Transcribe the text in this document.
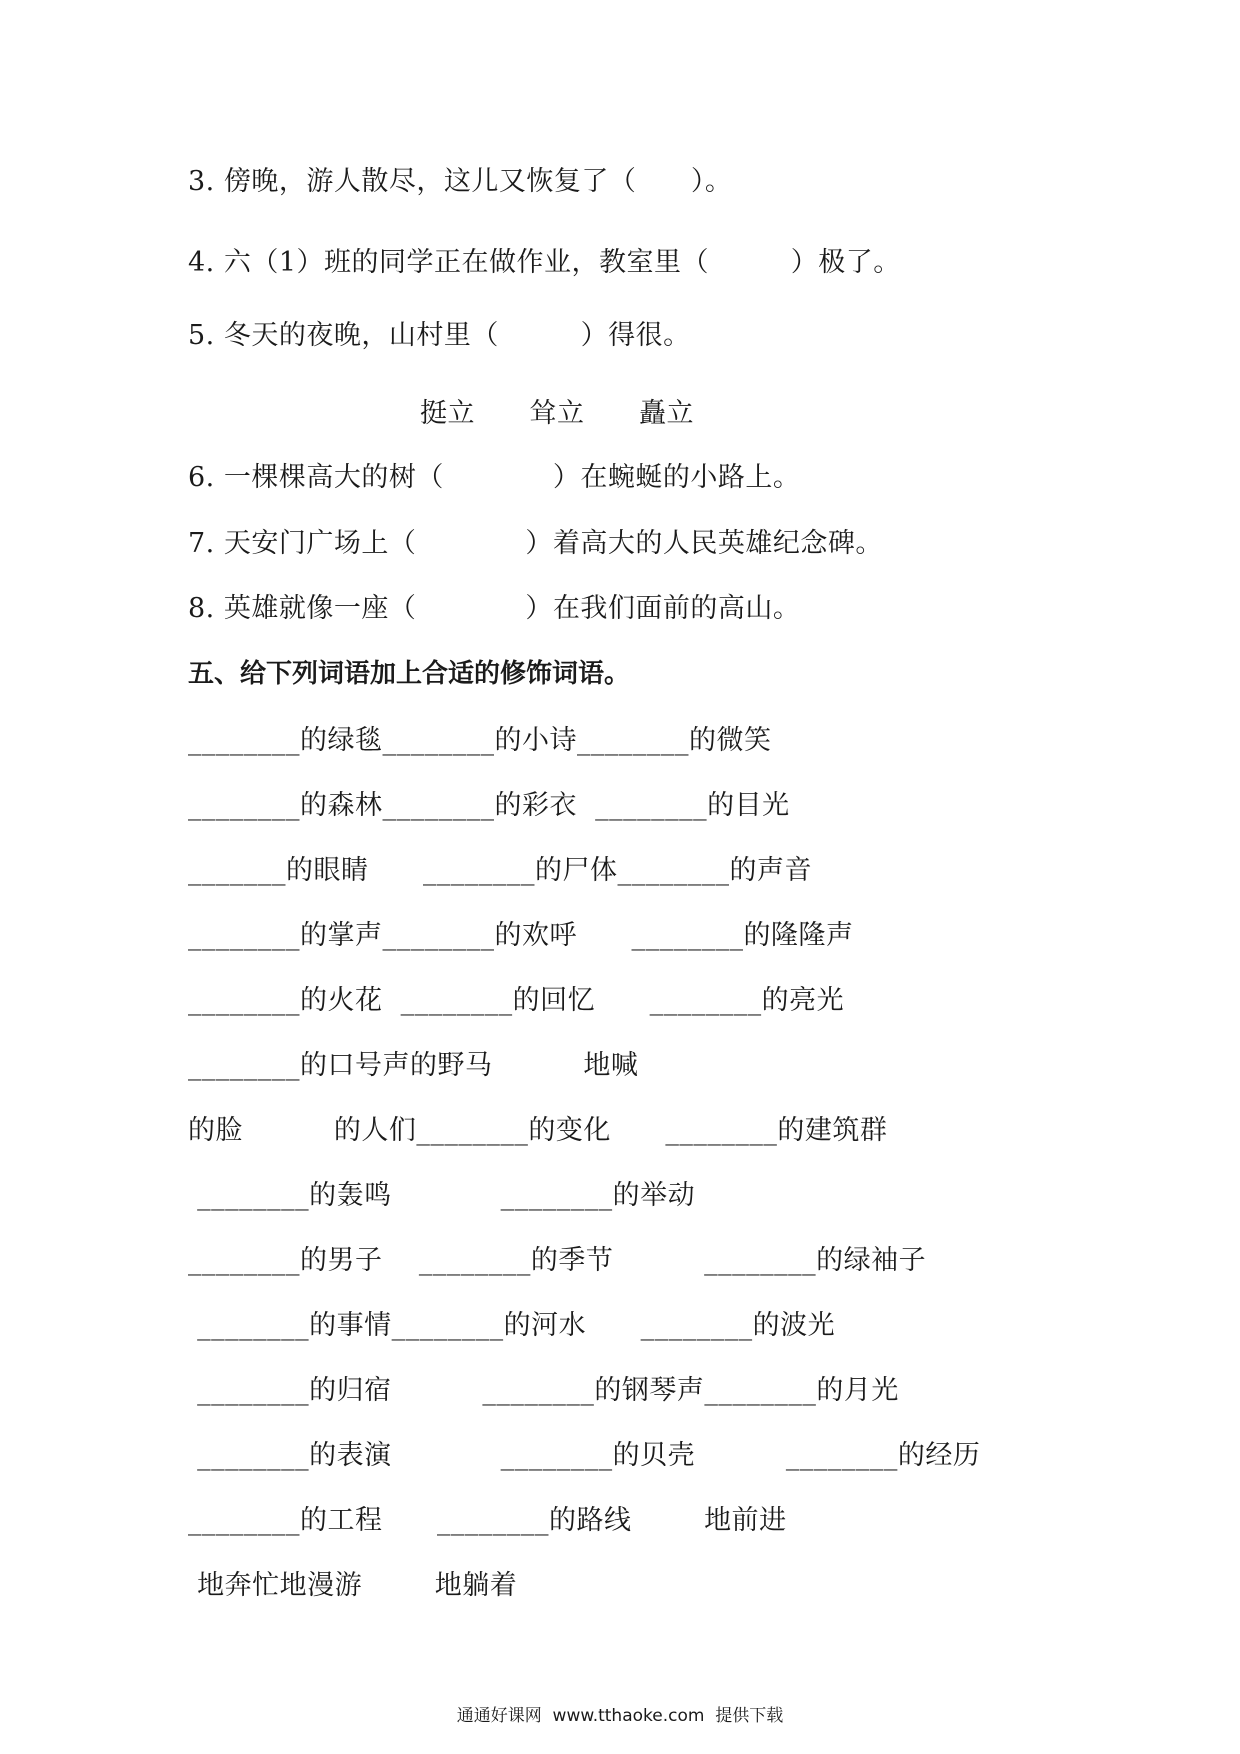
3. 傍晚，游人散尽，这儿又恢复了（      ）。
4. 六（1）班的同学正在做作业，教室里（         ）极了。
5. 冬天的夜晚，山村里（         ）得很。
挺立      耸立      矗立
6. 一棵棵高大的树（            ）在蜿蜒的小路上。
7. 天安门广场上（            ）着高大的人民英雄纪念碑。
8. 英雄就像一座（            ）在我们面前的高山。
五、给下列词语加上合适的修饰词语。
________的绿毯________的小诗________的微笑
________的森林________的彩衣  ________的目光
_______的眼睛      ________的尸体________的声音
________的掌声________的欢呼      ________的隆隆声
________的火花  ________的回忆      ________的亮光
________的口号声的野马          地喊
的脸          的人们________的变化      ________的建筑群
________的轰鸣            ________的举动
________的男子    ________的季节          ________的绿袖子
________的事情________的河水      ________的波光
________的归宿          ________的钢琴声________的月光
________的表演            ________的贝壳          ________的经历
________的工程      ________的路线        地前进
地奔忙地漫游        地躺着
通通好课网  www.tthaoke.com  提供下载
